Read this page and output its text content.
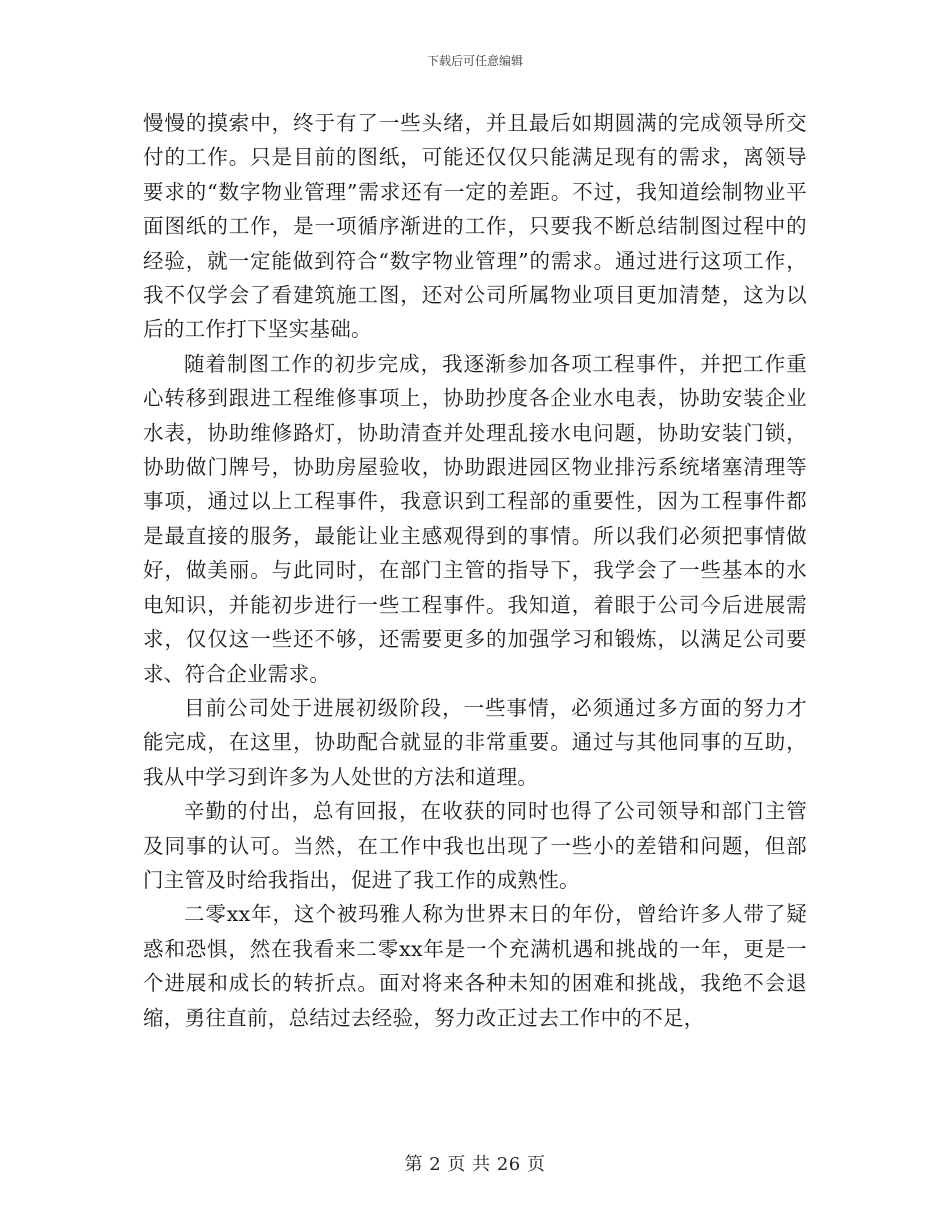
下载后可任意编辑

慢慢的摸索中，终于有了一些头绪，并且最后如期圆满的完成领导所交付的工作。只是目前的图纸，可能还仅仅只能满足现有的需求，离领导要求的“数字物业管理”需求还有一定的差距。不过，我知道绘制物业平面图纸的工作，是一项循序渐进的工作，只要我不断总结制图过程中的经验，就一定能做到符合“数字物业管理”的需求。通过进行这项工作，我不仅学会了看建筑施工图，还对公司所属物业项目更加清楚，这为以后的工作打下坚实基础。

随着制图工作的初步完成，我逐渐参加各项工程事件，并把工作重心转移到跟进工程维修事项上，协助抄度各企业水电表，协助安装企业水表，协助维修路灯，协助清查并处理乱接水电问题，协助安装门锁，协助做门牌号，协助房屋验收，协助跟进园区物业排污系统堵塞清理等事项，通过以上工程事件，我意识到工程部的重要性，因为工程事件都是最直接的服务，最能让业主感观得到的事情。所以我们必须把事情做好，做美丽。与此同时，在部门主管的指导下，我学会了一些基本的水电知识，并能初步进行一些工程事件。我知道，着眼于公司今后进展需求，仅仅这一些还不够，还需要更多的加强学习和锻炼，以满足公司要求、符合企业需求。

目前公司处于进展初级阶段，一些事情，必须通过多方面的努力才能完成，在这里，协助配合就显的非常重要。通过与其他同事的互助，我从中学习到许多为人处世的方法和道理。

辛勤的付出，总有回报，在收获的同时也得了公司领导和部门主管及同事的认可。当然，在工作中我也出现了一些小的差错和问题，但部门主管及时给我指出，促进了我工作的成熟性。

二零xx年，这个被玛雅人称为世界末日的年份，曾给许多人带了疑惑和恐惧，然在我看来二零xx年是一个充满机遇和挑战的一年，更是一个进展和成长的转折点。面对将来各种未知的困难和挑战，我绝不会退缩，勇往直前，总结过去经验，努力改正过去工作中的不足，

第 2 页 共 26 页
